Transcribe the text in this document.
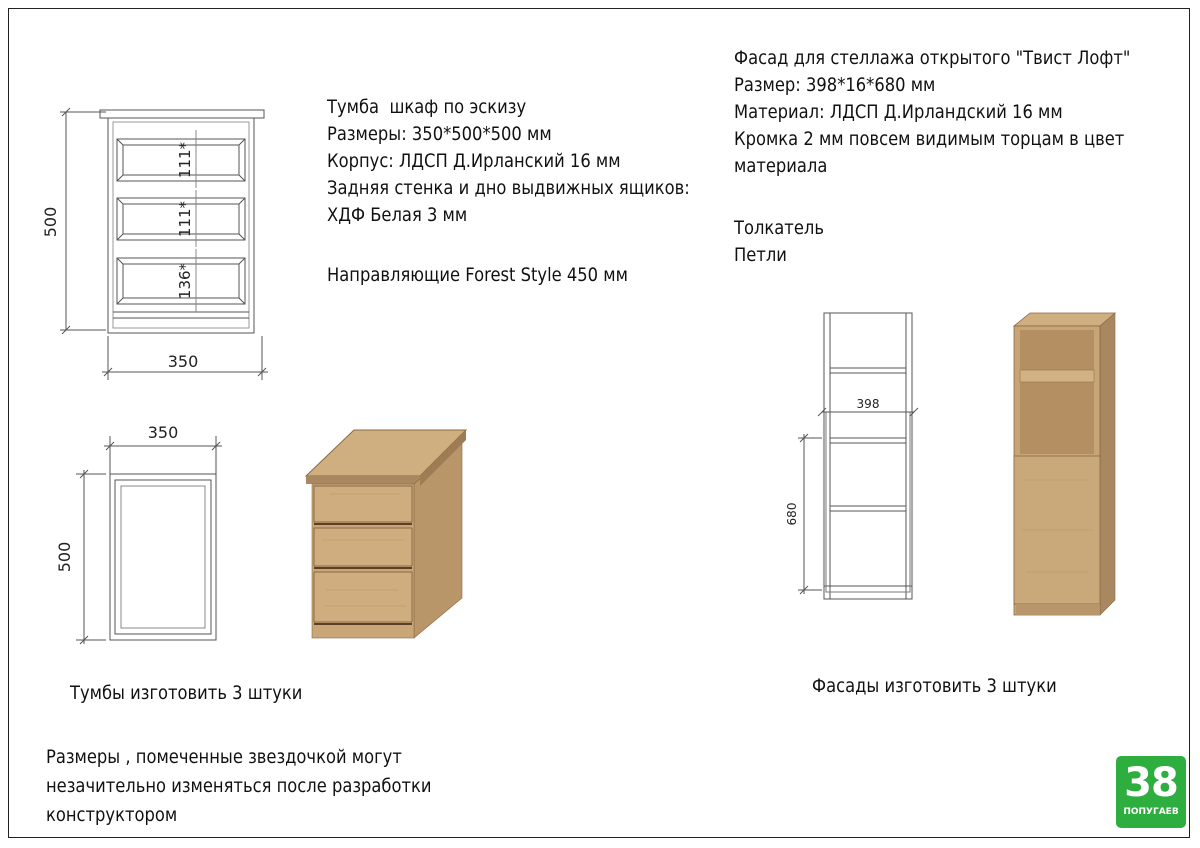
Тумба  шкаф по эскизу
Размеры: 350*500*500 мм
Корпус: ЛДСП Д.Ирланский 16 мм
Задняя стенка и дно выдвижных ящиков:
ХДФ Белая 3 мм
Направляющие Forest Style 450 мм
Фасад для стеллажа открытого "Твист Лофт"
Размер: 398*16*680 мм
Материал: ЛДСП Д.Ирландский 16 мм
Кромка 2 мм повсем видимым торцам в цвет
материала
Толкатель
Петли
Тумбы изготовить 3 штуки	Фасады изготовить 3 штуки
Размеры , помеченные звездочкой могут
незачительно изменяться после разработки
конструктором
500
350
111*
111*
136*
350
500
398
680
38
ПОПУГАЕВ
